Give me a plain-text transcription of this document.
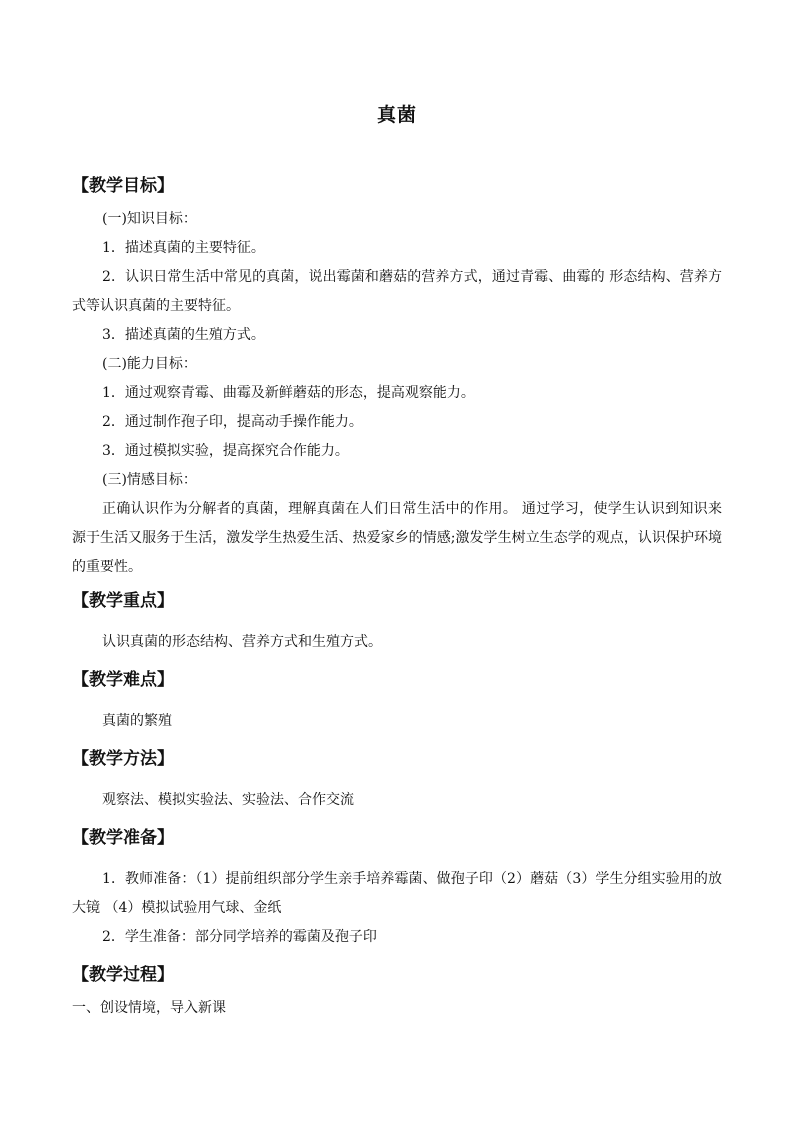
真菌
【教学目标】
(一)知识目标：
1．描述真菌的主要特征。
2．认识日常生活中常见的真菌，说出霉菌和蘑菇的营养方式，通过青霉、曲霉的 形态结构、营养方式等认识真菌的主要特征。
3．描述真菌的生殖方式。
(二)能力目标：
1．通过观察青霉、曲霉及新鲜蘑菇的形态，提高观察能力。
2．通过制作孢子印，提高动手操作能力。
3．通过模拟实验，提高探究合作能力。
(三)情感目标：
正确认识作为分解者的真菌，理解真菌在人们日常生活中的作用。 通过学习，使学生认识到知识来源于生活又服务于生活，激发学生热爱生活、热爱家乡的情感;激发学生树立生态学的观点，认识保护环境的重要性。
【教学重点】
认识真菌的形态结构、营养方式和生殖方式。
【教学难点】
真菌的繁殖
【教学方法】
观察法、模拟实验法、实验法、合作交流
【教学准备】
1．教师准备：（1）提前组织部分学生亲手培养霉菌、做孢子印（2）蘑菇（3）学生分组实验用的放大镜 （4）模拟试验用气球、金纸
2．学生准备：部分同学培养的霉菌及孢子印
【教学过程】
一、创设情境，导入新课
